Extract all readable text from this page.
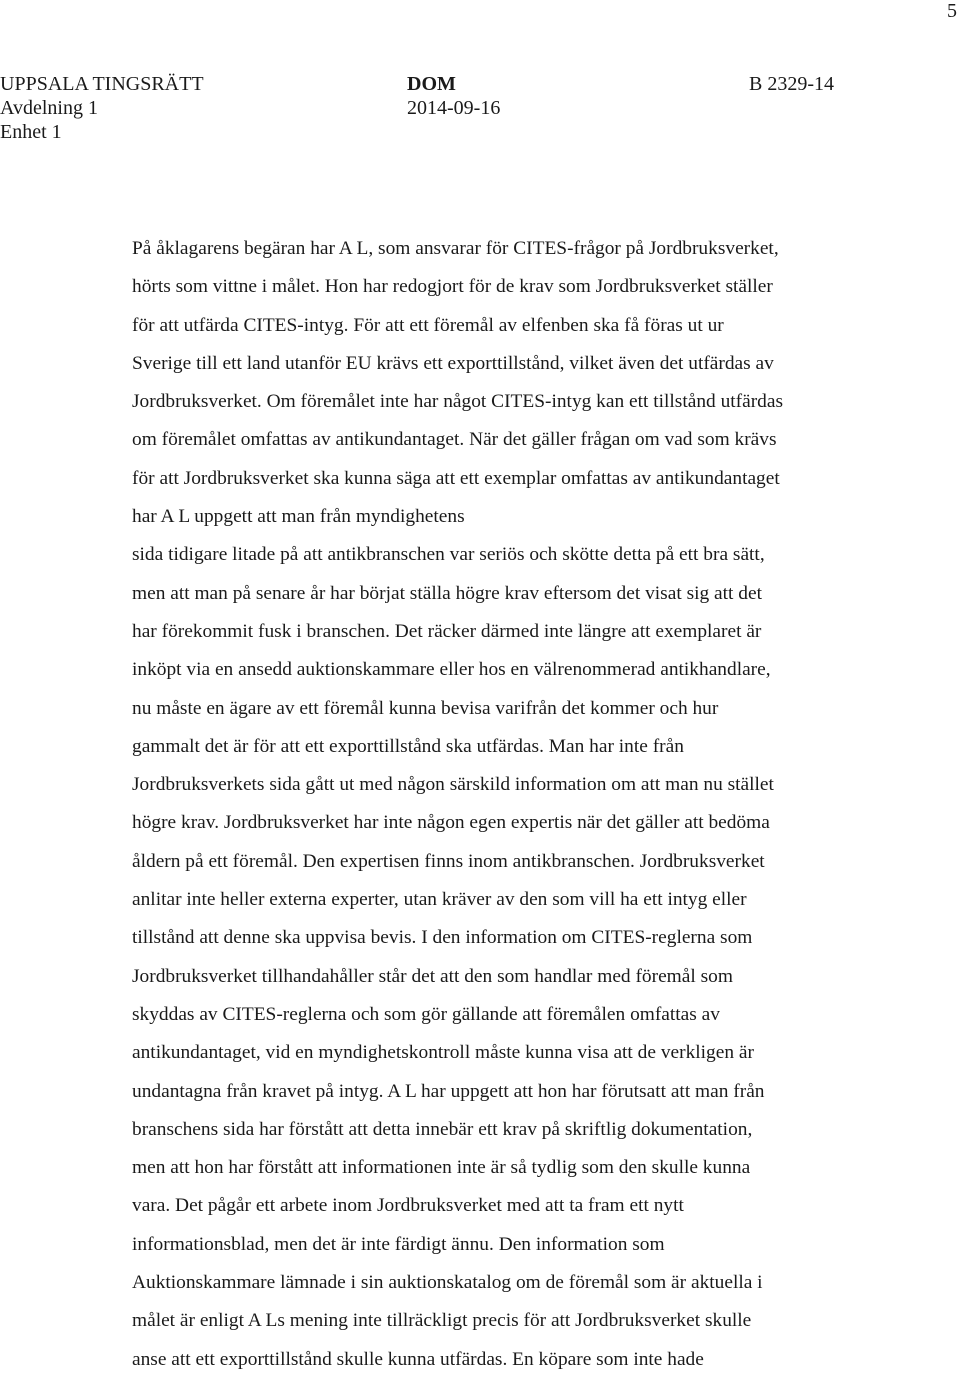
5
UPPSALA TINGSRÄTT
Avdelning 1
Enhet 1
DOM
2014-09-16
B 2329-14
På åklagarens begäran har A L, som ansvarar för CITES-frågor på Jordbruksverket,
hörts som vittne i målet. Hon har redogjort för de krav som Jordbruksverket ställer
för att utfärda CITES-intyg. För att ett föremål av elfenben ska få föras ut ur
Sverige till ett land utanför EU krävs ett exporttillstånd, vilket även det utfärdas av
Jordbruksverket. Om föremålet inte har något CITES-intyg kan ett tillstånd utfärdas
om föremålet omfattas av antikundantaget. När det gäller frågan om vad som krävs
för att Jordbruksverket ska kunna säga att ett exemplar omfattas av antikundantaget
har A L uppgett att man från myndighetens
sida tidigare litade på att antikbranschen var seriös och skötte detta på ett bra sätt,
men att man på senare år har börjat ställa högre krav eftersom det visat sig att det
har förekommit fusk i branschen. Det räcker därmed inte längre att exemplaret är
inköpt via en ansedd auktionskammare eller hos en välrenommerad antikhandlare,
nu måste en ägare av ett föremål kunna bevisa varifrån det kommer och hur
gammalt det är för att ett exporttillstånd ska utfärdas. Man har inte från
Jordbruksverkets sida gått ut med någon särskild information om att man nu stället
högre krav. Jordbruksverket har inte någon egen expertis när det gäller att bedöma
åldern på ett föremål. Den expertisen finns inom antikbranschen. Jordbruksverket
anlitar inte heller externa experter, utan kräver av den som vill ha ett intyg eller
tillstånd att denne ska uppvisa bevis. I den information om CITES-reglerna som
Jordbruksverket tillhandahåller står det att den som handlar med föremål som
skyddas av CITES-reglerna och som gör gällande att föremålen omfattas av
antikundantaget, vid en myndighetskontroll måste kunna visa att de verkligen är
undantagna från kravet på intyg. A L har uppgett att hon har förutsatt att man från
branschens sida har förstått att detta innebär ett krav på skriftlig dokumentation,
men att hon har förstått att informationen inte är så tydlig som den skulle kunna
vara. Det pågår ett arbete inom Jordbruksverket med att ta fram ett nytt
informationsblad, men det är inte färdigt ännu. Den information som
Auktionskammare lämnade i sin auktionskatalog om de föremål som är aktuella i
målet är enligt A Ls mening inte tillräckligt precis för att Jordbruksverket skulle
anse att ett exporttillstånd skulle kunna utfärdas. En köpare som inte hade
